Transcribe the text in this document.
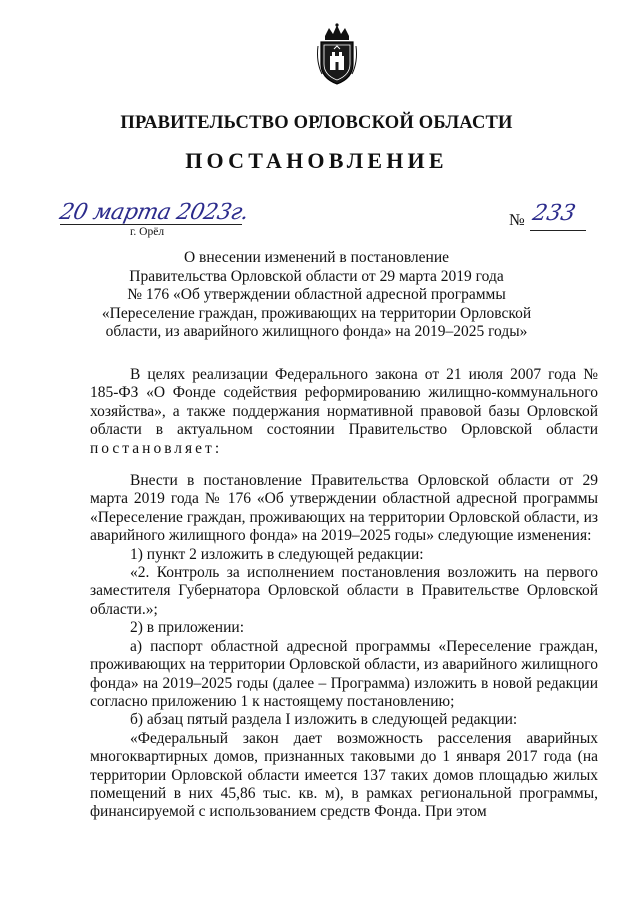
ПРАВИТЕЛЬСТВО ОРЛОВСКОЙ ОБЛАСТИ
ПОСТАНОВЛЕНИЕ
20 марта 2023г.
г. Орёл
№ 233
О внесении изменений в постановление
Правительства Орловской области от 29 марта 2019 года
№ 176 «Об утверждении областной адресной программы
«Переселение граждан, проживающих на территории Орловской
области, из аварийного жилищного фонда» на 2019–2025 годы»

В целях реализации Федерального закона от 21 июля 2007 года № 185-ФЗ «О Фонде содействия реформированию жилищно-коммунального хозяйства», а также поддержания нормативной правовой базы Орловской области в актуальном состоянии Правительство Орловской области постановляет:

Внести в постановление Правительства Орловской области от 29 марта 2019 года № 176 «Об утверждении областной адресной программы «Переселение граждан, проживающих на территории Орловской области, из аварийного жилищного фонда» на 2019–2025 годы» следующие изменения:

1) пункт 2 изложить в следующей редакции:

«2. Контроль за исполнением постановления возложить на первого заместителя Губернатора Орловской области в Правительстве Орловской области.»;

2) в приложении:

а) паспорт областной адресной программы «Переселение граждан, проживающих на территории Орловской области, из аварийного жилищного фонда» на 2019–2025 годы (далее – Программа) изложить в новой редакции согласно приложению 1 к настоящему постановлению;

б) абзац пятый раздела I изложить в следующей редакции:

«Федеральный закон дает возможность расселения аварийных многоквартирных домов, признанных таковыми до 1 января 2017 года (на территории Орловской области имеется 137 таких домов площадью жилых помещений в них 45,86 тыс. кв. м), в рамках региональной программы, финансируемой с использованием средств Фонда. При этом
